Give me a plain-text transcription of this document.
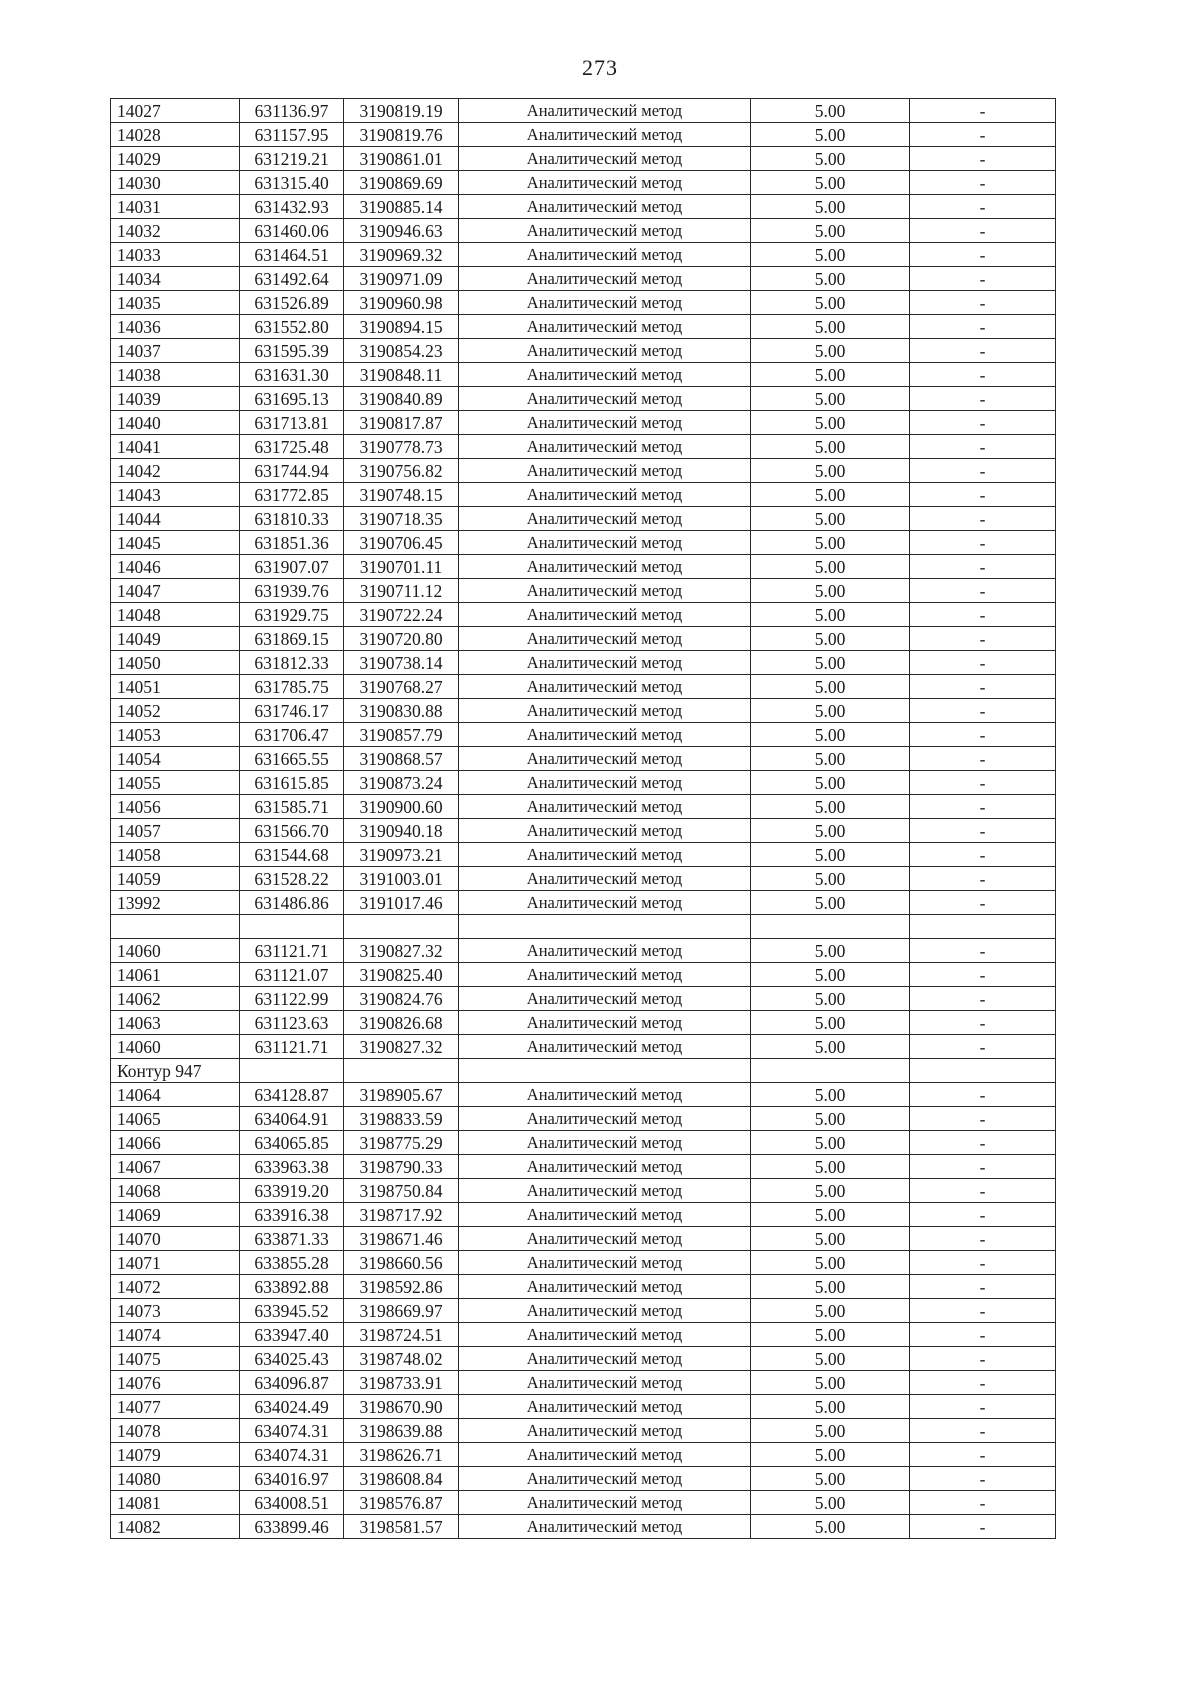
273
14027	631136.97	3190819.19	Аналитический метод	5.00	-
14028	631157.95	3190819.76	Аналитический метод	5.00	-
14029	631219.21	3190861.01	Аналитический метод	5.00	-
14030	631315.40	3190869.69	Аналитический метод	5.00	-
14031	631432.93	3190885.14	Аналитический метод	5.00	-
14032	631460.06	3190946.63	Аналитический метод	5.00	-
14033	631464.51	3190969.32	Аналитический метод	5.00	-
14034	631492.64	3190971.09	Аналитический метод	5.00	-
14035	631526.89	3190960.98	Аналитический метод	5.00	-
14036	631552.80	3190894.15	Аналитический метод	5.00	-
14037	631595.39	3190854.23	Аналитический метод	5.00	-
14038	631631.30	3190848.11	Аналитический метод	5.00	-
14039	631695.13	3190840.89	Аналитический метод	5.00	-
14040	631713.81	3190817.87	Аналитический метод	5.00	-
14041	631725.48	3190778.73	Аналитический метод	5.00	-
14042	631744.94	3190756.82	Аналитический метод	5.00	-
14043	631772.85	3190748.15	Аналитический метод	5.00	-
14044	631810.33	3190718.35	Аналитический метод	5.00	-
14045	631851.36	3190706.45	Аналитический метод	5.00	-
14046	631907.07	3190701.11	Аналитический метод	5.00	-
14047	631939.76	3190711.12	Аналитический метод	5.00	-
14048	631929.75	3190722.24	Аналитический метод	5.00	-
14049	631869.15	3190720.80	Аналитический метод	5.00	-
14050	631812.33	3190738.14	Аналитический метод	5.00	-
14051	631785.75	3190768.27	Аналитический метод	5.00	-
14052	631746.17	3190830.88	Аналитический метод	5.00	-
14053	631706.47	3190857.79	Аналитический метод	5.00	-
14054	631665.55	3190868.57	Аналитический метод	5.00	-
14055	631615.85	3190873.24	Аналитический метод	5.00	-
14056	631585.71	3190900.60	Аналитический метод	5.00	-
14057	631566.70	3190940.18	Аналитический метод	5.00	-
14058	631544.68	3190973.21	Аналитический метод	5.00	-
14059	631528.22	3191003.01	Аналитический метод	5.00	-
13992	631486.86	3191017.46	Аналитический метод	5.00	-

14060	631121.71	3190827.32	Аналитический метод	5.00	-
14061	631121.07	3190825.40	Аналитический метод	5.00	-
14062	631122.99	3190824.76	Аналитический метод	5.00	-
14063	631123.63	3190826.68	Аналитический метод	5.00	-
14060	631121.71	3190827.32	Аналитический метод	5.00	-
Контур 947					
14064	634128.87	3198905.67	Аналитический метод	5.00	-
14065	634064.91	3198833.59	Аналитический метод	5.00	-
14066	634065.85	3198775.29	Аналитический метод	5.00	-
14067	633963.38	3198790.33	Аналитический метод	5.00	-
14068	633919.20	3198750.84	Аналитический метод	5.00	-
14069	633916.38	3198717.92	Аналитический метод	5.00	-
14070	633871.33	3198671.46	Аналитический метод	5.00	-
14071	633855.28	3198660.56	Аналитический метод	5.00	-
14072	633892.88	3198592.86	Аналитический метод	5.00	-
14073	633945.52	3198669.97	Аналитический метод	5.00	-
14074	633947.40	3198724.51	Аналитический метод	5.00	-
14075	634025.43	3198748.02	Аналитический метод	5.00	-
14076	634096.87	3198733.91	Аналитический метод	5.00	-
14077	634024.49	3198670.90	Аналитический метод	5.00	-
14078	634074.31	3198639.88	Аналитический метод	5.00	-
14079	634074.31	3198626.71	Аналитический метод	5.00	-
14080	634016.97	3198608.84	Аналитический метод	5.00	-
14081	634008.51	3198576.87	Аналитический метод	5.00	-
14082	633899.46	3198581.57	Аналитический метод	5.00	-
